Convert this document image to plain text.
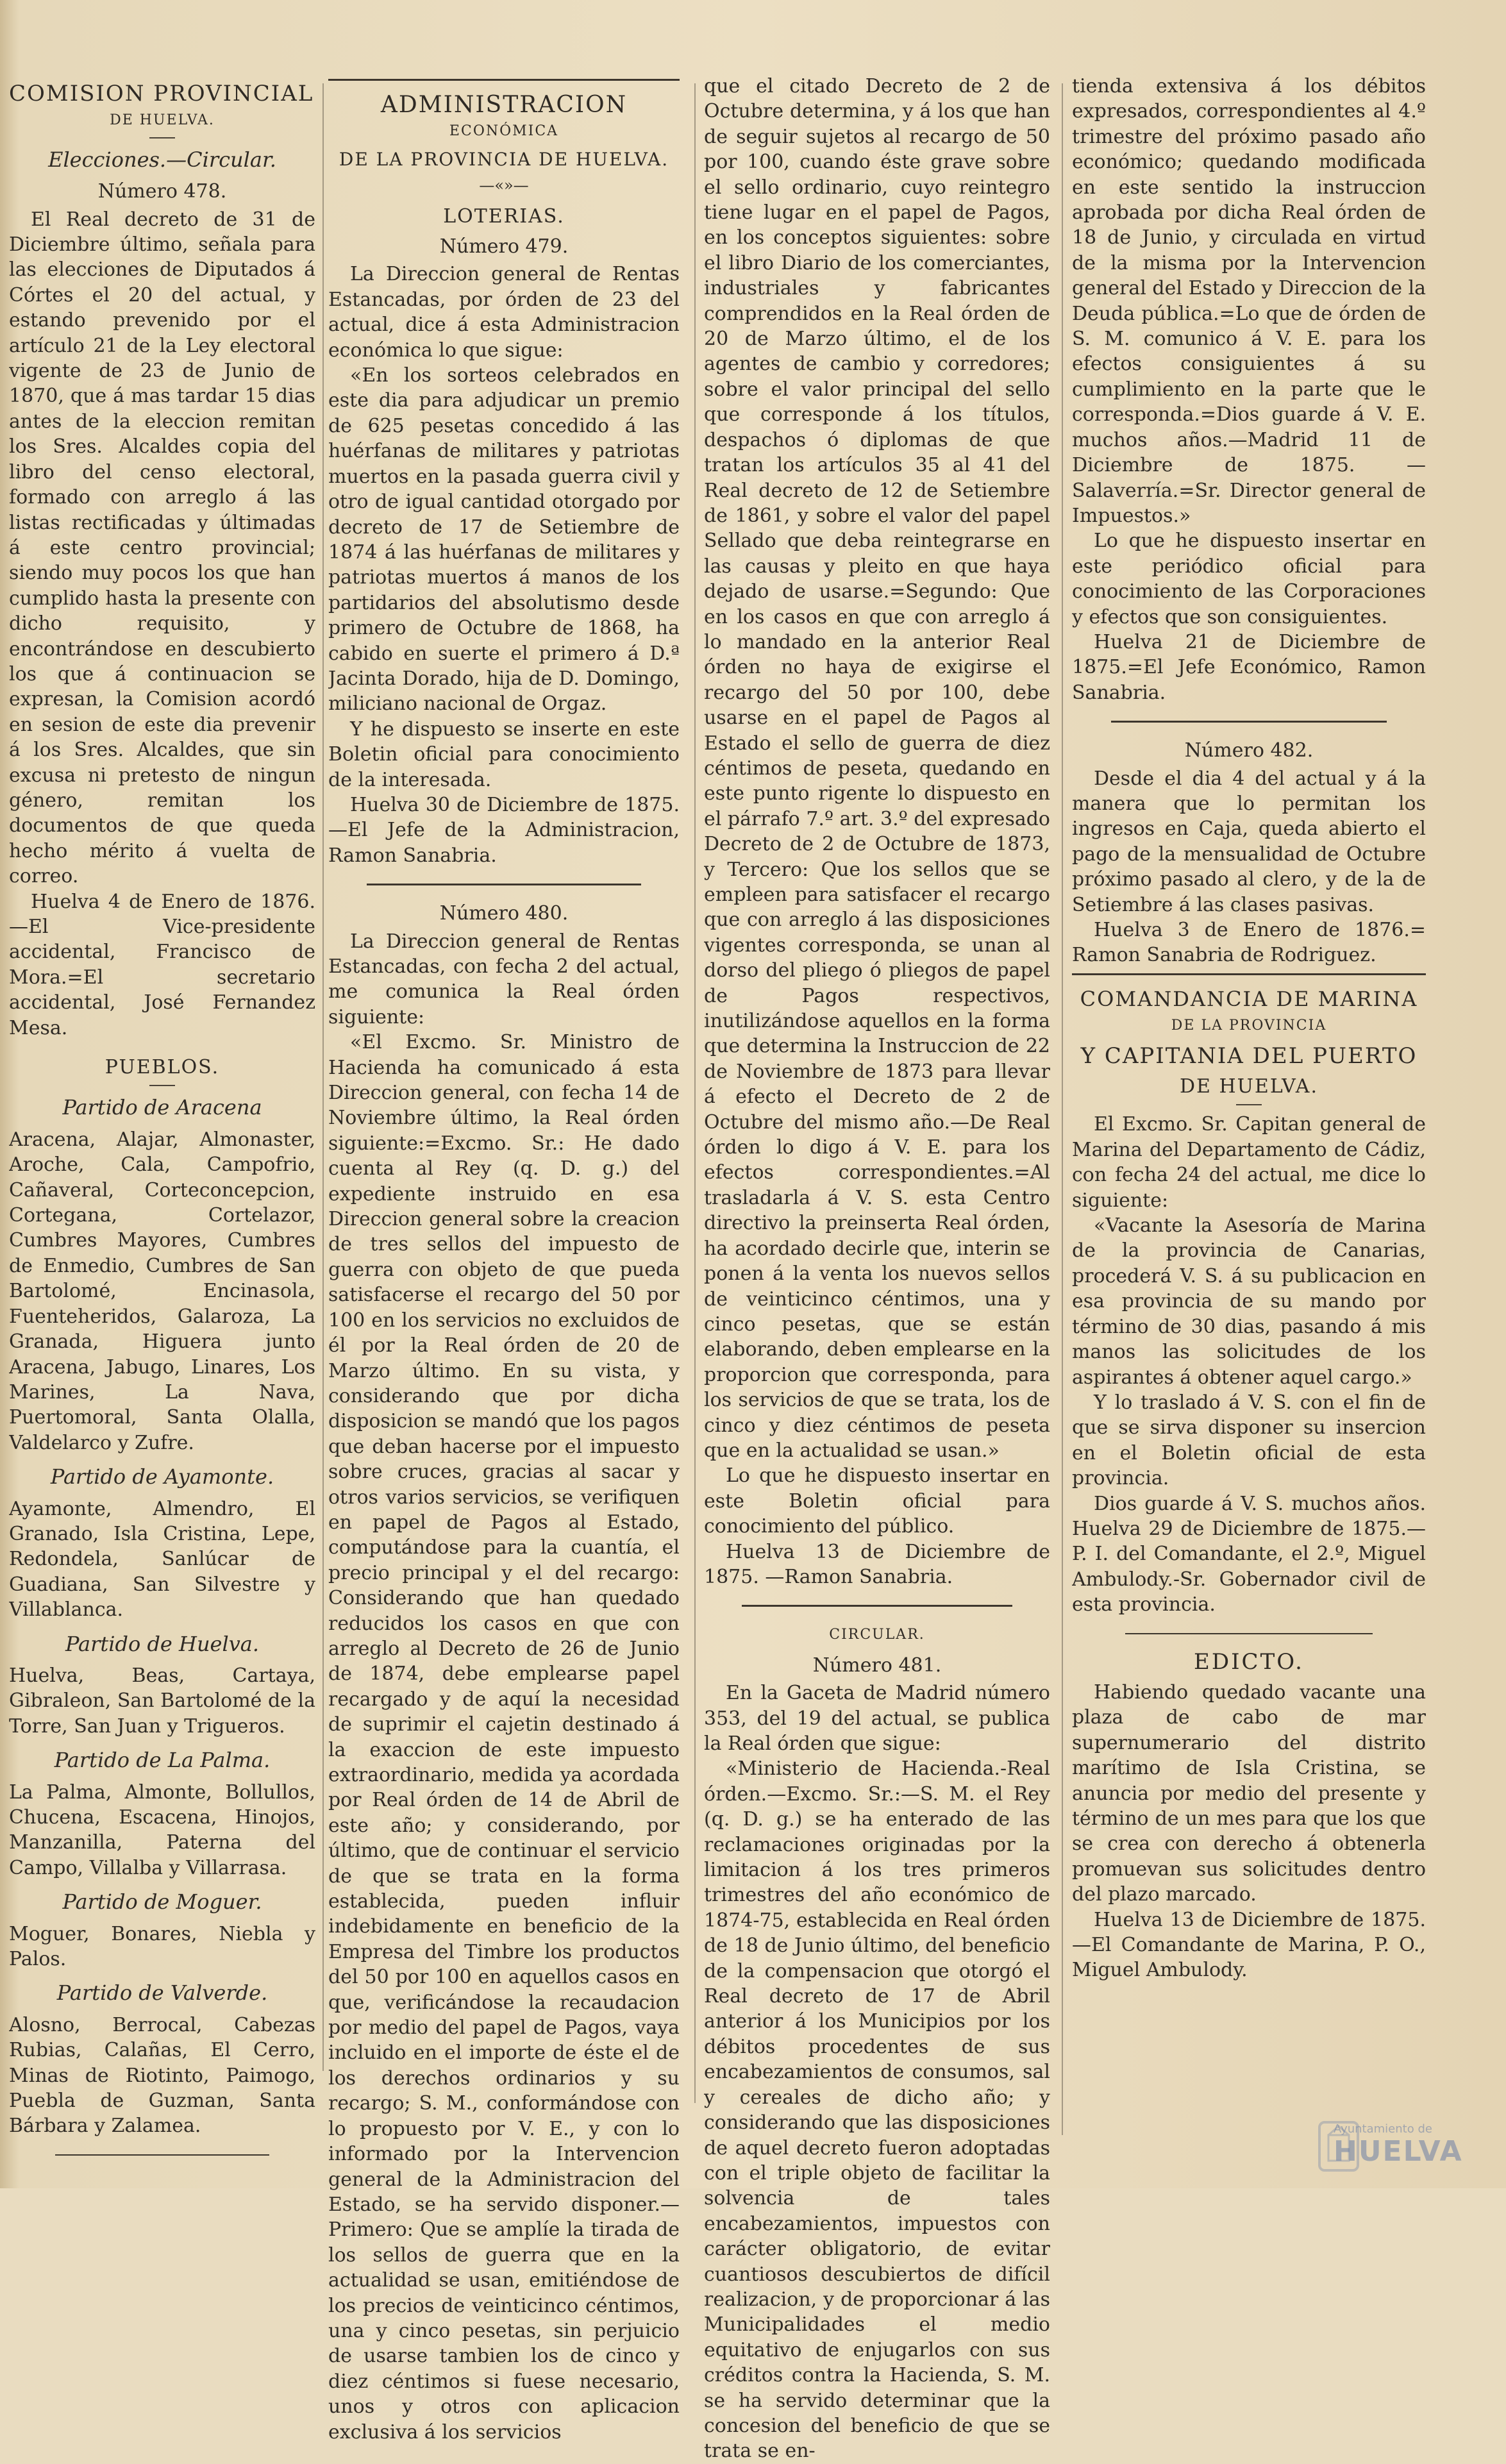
COMISION PROVINCIAL
DE HUELVA.
Elecciones.—Circular.

Número 478.

El Real decreto de 31 de Diciembre último, señala para las elecciones de Diputados á Córtes el 20 del actual, y estando prevenido por el artículo 21 de la Ley electoral vigente de 23 de Junio de 1870, que á mas tardar 15 dias antes de la eleccion remitan los Sres. Alcaldes copia del libro del censo electoral, formado con arreglo á las listas rectificadas y últimadas á este centro provincial; siendo muy pocos los que han cumplido hasta la presente con dicho requisito, y encontrándose en descubierto los que á continuacion se expresan, la Comision acordó en sesion de este dia prevenir á los Sres. Alcaldes, que sin excusa ni pretesto de ningun género, remitan los documentos de que queda hecho mérito á vuelta de correo.

Huelva 4 de Enero de 1876. —El Vice-presidente accidental, Francisco de Mora.=El secretario accidental, José Fernandez Mesa.

PUEBLOS.
Partido de Aracena

Aracena, Alajar, Almonaster, Aroche, Cala, Campofrio, Cañaveral, Corteconcepcion, Cortegana, Cortelazor, Cumbres Mayores, Cumbres de Enmedio, Cumbres de San Bartolomé, Encinasola, Fuenteheridos, Galaroza, La Granada, Higuera junto Aracena, Jabugo, Linares, Los Marines, La Nava, Puertomoral, Santa Olalla, Valdelarco y Zufre.

Partido de Ayamonte.

Ayamonte, Almendro, El Granado, Isla Cristina, Lepe, Redondela, Sanlúcar de Guadiana, San Silvestre y Villablanca.

Partido de Huelva.

Huelva, Beas, Cartaya, Gibraleon, San Bartolomé de la Torre, San Juan y Trigueros.

Partido de La Palma.

La Palma, Almonte, Bollullos, Chucena, Escacena, Hinojos, Manzanilla, Paterna del Campo, Villalba y Villarrasa.

Partido de Moguer.

Moguer, Bonares, Niebla y Palos.

Partido de Valverde.

Alosno, Berrocal, Cabezas Rubias, Calañas, El Cerro, Minas de Riotinto, Paimogo, Puebla de Guzman, Santa Bárbara y Zalamea.

ADMINISTRACION
ECONÓMICA
DE LA PROVINCIA DE HUELVA.
—«»—
LOTERIAS.

Número 479.

La Direccion general de Rentas Estancadas, por órden de 23 del actual, dice á esta Administracion económica lo que sigue:

«En los sorteos celebrados en este dia para adjudicar un premio de 625 pesetas concedido á las huérfanas de militares y patriotas muertos en la pasada guerra civil y otro de igual cantidad otorgado por decreto de 17 de Setiembre de 1874 á las huérfanas de militares y patriotas muertos á manos de los partidarios del absolutismo desde primero de Octubre de 1868, ha cabido en suerte el primero á D.ª Jacinta Dorado, hija de D. Domingo, miliciano nacional de Orgaz.

Y he dispuesto se inserte en este Boletin oficial para conocimiento de la interesada.

Huelva 30 de Diciembre de 1875. —El Jefe de la Administracion, Ramon Sanabria.

Número 480.

La Direccion general de Rentas Estancadas, con fecha 2 del actual, me comunica la Real órden siguiente:

«El Excmo. Sr. Ministro de Hacienda ha comunicado á esta Direccion general, con fecha 14 de Noviembre último, la Real órden siguiente:=Excmo. Sr.: He dado cuenta al Rey (q. D. g.) del expediente instruido en esa Direccion general sobre la creacion de tres sellos del impuesto de guerra con objeto de que pueda satisfacerse el recargo del 50 por 100 en los servicios no excluidos de él por la Real órden de 20 de Marzo último. En su vista, y considerando que por dicha disposicion se mandó que los pagos que deban hacerse por el impuesto sobre cruces, gracias al sacar y otros varios servicios, se verifiquen en papel de Pagos al Estado, computándose para la cuantía, el precio principal y el del recargo: Considerando que han quedado reducidos los casos en que con arreglo al Decreto de 26 de Junio de 1874, debe emplearse papel recargado y de aquí la necesidad de suprimir el cajetin destinado á la exaccion de este impuesto extraordinario, medida ya acordada por Real órden de 14 de Abril de este año; y considerando, por último, que de continuar el servicio de que se trata en la forma establecida, pueden influir indebidamente en beneficio de la Empresa del Timbre los productos del 50 por 100 en aquellos casos en que, verificándose la recaudacion por medio del papel de Pagos, vaya incluido en el importe de éste el de los derechos ordinarios y su recargo; S. M., conformándose con lo propuesto por V. E., y con lo informado por la Intervencion general de la Administracion del Estado, se ha servido disponer.—Primero: Que se amplíe la tirada de los sellos de guerra que en la actualidad se usan, emitiéndose de los precios de veinticinco céntimos, una y cinco pesetas, sin perjuicio de usarse tambien los de cinco y diez céntimos si fuese necesario, unos y otros con aplicacion exclusiva á los servicios

que el citado Decreto de 2 de Octubre determina, y á los que han de seguir sujetos al recargo de 50 por 100, cuando éste grave sobre el sello ordinario, cuyo reintegro tiene lugar en el papel de Pagos, en los conceptos siguientes: sobre el libro Diario de los comerciantes, industriales y fabricantes comprendidos en la Real órden de 20 de Marzo último, el de los agentes de cambio y corredores; sobre el valor principal del sello que corresponde á los títulos, despachos ó diplomas de que tratan los artículos 35 al 41 del Real decreto de 12 de Setiembre de 1861, y sobre el valor del papel Sellado que deba reintegrarse en las causas y pleito en que haya dejado de usarse.=Segundo: Que en los casos en que con arreglo á lo mandado en la anterior Real órden no haya de exigirse el recargo del 50 por 100, debe usarse en el papel de Pagos al Estado el sello de guerra de diez céntimos de peseta, quedando en este punto rigente lo dispuesto en el párrafo 7.º art. 3.º del expresado Decreto de 2 de Octubre de 1873, y Tercero: Que los sellos que se empleen para satisfacer el recargo que con arreglo á las disposiciones vigentes corresponda, se unan al dorso del pliego ó pliegos de papel de Pagos respectivos, inutilizándose aquellos en la forma que determina la Instruccion de 22 de Noviembre de 1873 para llevar á efecto el Decreto de 2 de Octubre del mismo año.—De Real órden lo digo á V. E. para los efectos correspondientes.=Al trasladarla á V. S. esta Centro directivo la preinserta Real órden, ha acordado decirle que, interin se ponen á la venta los nuevos sellos de veinticinco céntimos, una y cinco pesetas, que se están elaborando, deben emplearse en la proporcion que corresponda, para los servicios de que se trata, los de cinco y diez céntimos de peseta que en la actualidad se usan.»

Lo que he dispuesto insertar en este Boletin oficial para conocimiento del público.

Huelva 13 de Diciembre de 1875. —Ramon Sanabria.

CIRCULAR.

Número 481.

En la Gaceta de Madrid número 353, del 19 del actual, se publica la Real órden que sigue:

«Ministerio de Hacienda.-Real órden.—Excmo. Sr.:—S. M. el Rey (q. D. g.) se ha enterado de las reclamaciones originadas por la limitacion á los tres primeros trimestres del año económico de 1874-75, establecida en Real órden de 18 de Junio último, del beneficio de la compensacion que otorgó el Real decreto de 17 de Abril anterior á los Municipios por los débitos procedentes de sus encabezamientos de consumos, sal y cereales de dicho año; y considerando que las disposiciones de aquel decreto fueron adoptadas con el triple objeto de facilitar la solvencia de tales encabezamientos, impuestos con carácter obligatorio, de evitar cuantiosos descubiertos de difícil realizacion, y de proporcionar á las Municipalidades el medio equitativo de enjugarlos con sus créditos contra la Hacienda, S. M. se ha servido determinar que la concesion del beneficio de que se trata se en-

tienda extensiva á los débitos expresados, correspondientes al 4.º trimestre del próximo pasado año económico; quedando modificada en este sentido la instruccion aprobada por dicha Real órden de 18 de Junio, y circulada en virtud de la misma por la Intervencion general del Estado y Direccion de la Deuda pública.=Lo que de órden de S. M. comunico á V. E. para los efectos consiguientes á su cumplimiento en la parte que le corresponda.=Dios guarde á V. E. muchos años.—Madrid 11 de Diciembre de 1875. —Salaverría.=Sr. Director general de Impuestos.»

Lo que he dispuesto insertar en este periódico oficial para conocimiento de las Corporaciones y efectos que son consiguientes.

Huelva 21 de Diciembre de 1875.=El Jefe Económico, Ramon Sanabria.

Número 482.

Desde el dia 4 del actual y á la manera que lo permitan los ingresos en Caja, queda abierto el pago de la mensualidad de Octubre próximo pasado al clero, y de la de Setiembre á las clases pasivas.

Huelva 3 de Enero de 1876.= Ramon Sanabria de Rodriguez.

COMANDANCIA DE MARINA
DE LA PROVINCIA
Y CAPITANIA DEL PUERTO
DE HUELVA.

El Excmo. Sr. Capitan general de Marina del Departamento de Cádiz, con fecha 24 del actual, me dice lo siguiente:

«Vacante la Asesoría de Marina de la provincia de Canarias, procederá V. S. á su publicacion en esa provincia de su mando por término de 30 dias, pasando á mis manos las solicitudes de los aspirantes á obtener aquel cargo.»

Y lo traslado á V. S. con el fin de que se sirva disponer su insercion en el Boletin oficial de esta provincia.

Dios guarde á V. S. muchos años. Huelva 29 de Diciembre de 1875.—P. I. del Comandante, el 2.º, Miguel Ambulody.-Sr. Gobernador civil de esta provincia.

EDICTO.

Habiendo quedado vacante una plaza de cabo de mar supernumerario del distrito marítimo de Isla Cristina, se anuncia por medio del presente y término de un mes para que los que se crea con derecho á obtenerla promuevan sus solicitudes dentro del plazo marcado.

Huelva 13 de Diciembre de 1875.—El Comandante de Marina, P. O., Miguel Ambulody.

Ayuntamiento de
HUELVA
